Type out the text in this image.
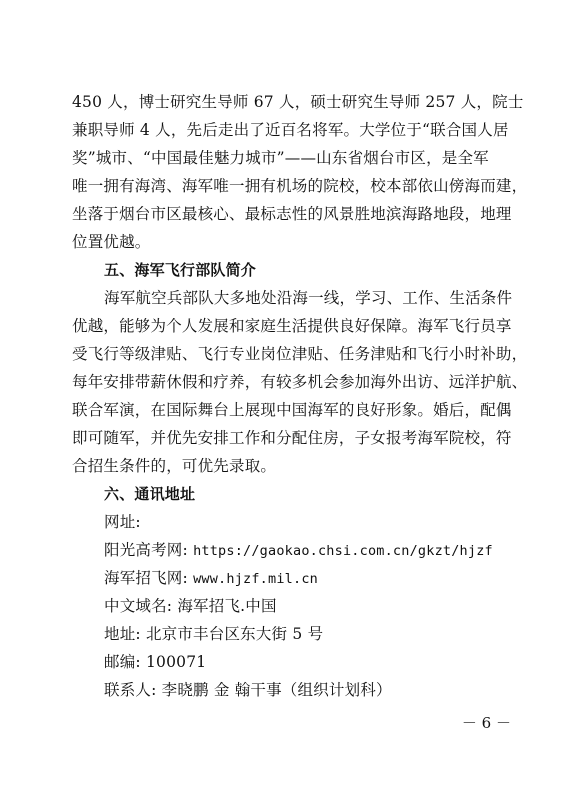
450 人，博士研究生导师 67 人，硕士研究生导师 257 人，院士
兼职导师 4 人，先后走出了近百名将军。大学位于“联合国人居
奖”城市、“中国最佳魅力城市”——山东省烟台市区，是全军
唯一拥有海湾、海军唯一拥有机场的院校，校本部依山傍海而建，
坐落于烟台市区最核心、最标志性的风景胜地滨海路地段，地理
位置优越。
五、海军飞行部队简介
海军航空兵部队大多地处沿海一线，学习、工作、生活条件
优越，能够为个人发展和家庭生活提供良好保障。海军飞行员享
受飞行等级津贴、飞行专业岗位津贴、任务津贴和飞行小时补助，
每年安排带薪休假和疗养，有较多机会参加海外出访、远洋护航、
联合军演，在国际舞台上展现中国海军的良好形象。婚后，配偶
即可随军，并优先安排工作和分配住房，子女报考海军院校，符
合招生条件的，可优先录取。
六、通讯地址
网址:
阳光高考网: https://gaokao.chsi.com.cn/gkzt/hjzf
海军招飞网: www.hjzf.mil.cn
中文域名: 海军招飞.中国
地址: 北京市丰台区东大街 5 号
邮编: 100071
联系人: 李晓鹏 金 翰干事（组织计划科）
－ 6 －
